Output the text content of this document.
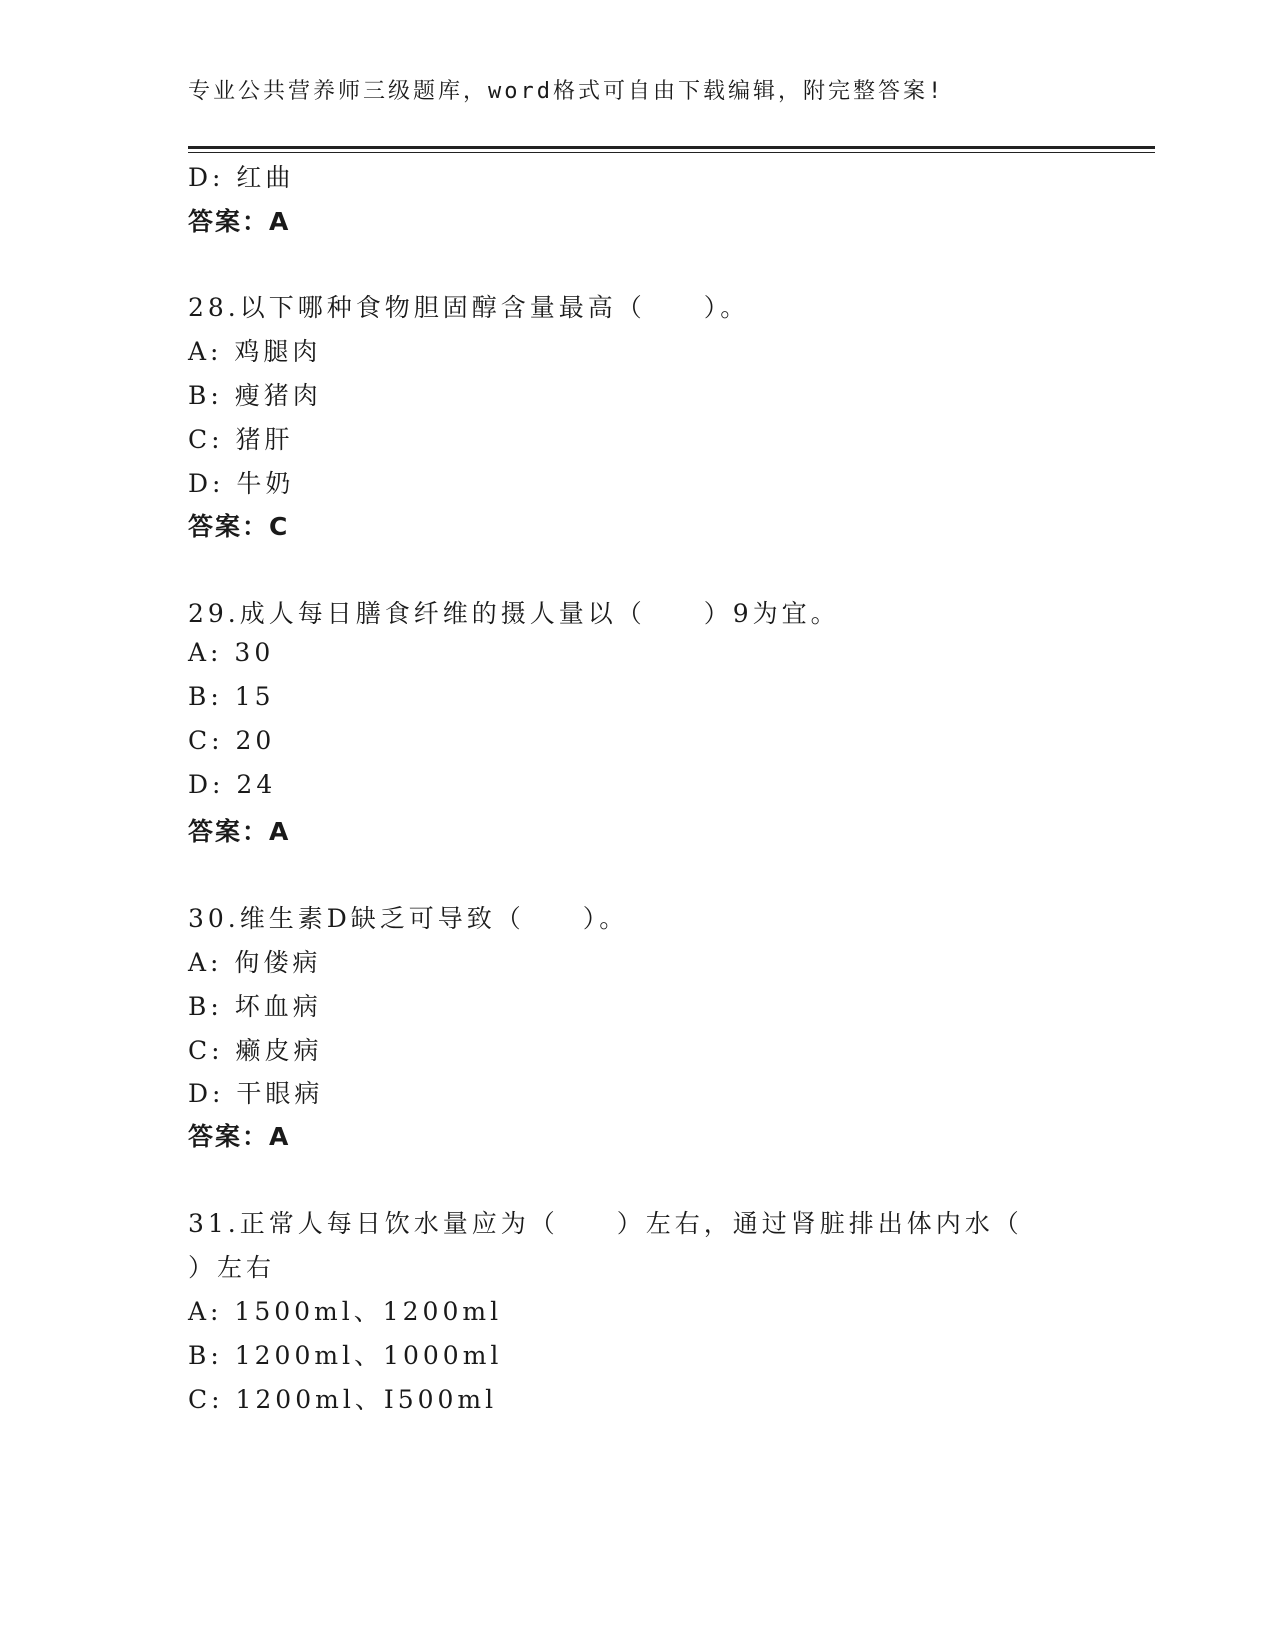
专业公共营养师三级题库，word格式可自由下载编辑，附完整答案!
D: 红曲
答案：A
28.以下哪种食物胆固醇含量最高（　　）。
A: 鸡腿肉
B: 瘦猪肉
C: 猪肝
D: 牛奶
答案：C
29.成人每日膳食纤维的摄人量以（　　）9为宜。
A: 30
B: 15
C: 20
D: 24
答案：A
30.维生素D缺乏可导致（　　）。
A: 佝偻病
B: 坏血病
C: 癞皮病
D: 干眼病
答案：A
31.正常人每日饮水量应为（　　）左右，通过肾脏排出体内水（
）左右
A: 1500ml、1200ml
B: 1200ml、1000ml
C: 1200ml、I500ml
